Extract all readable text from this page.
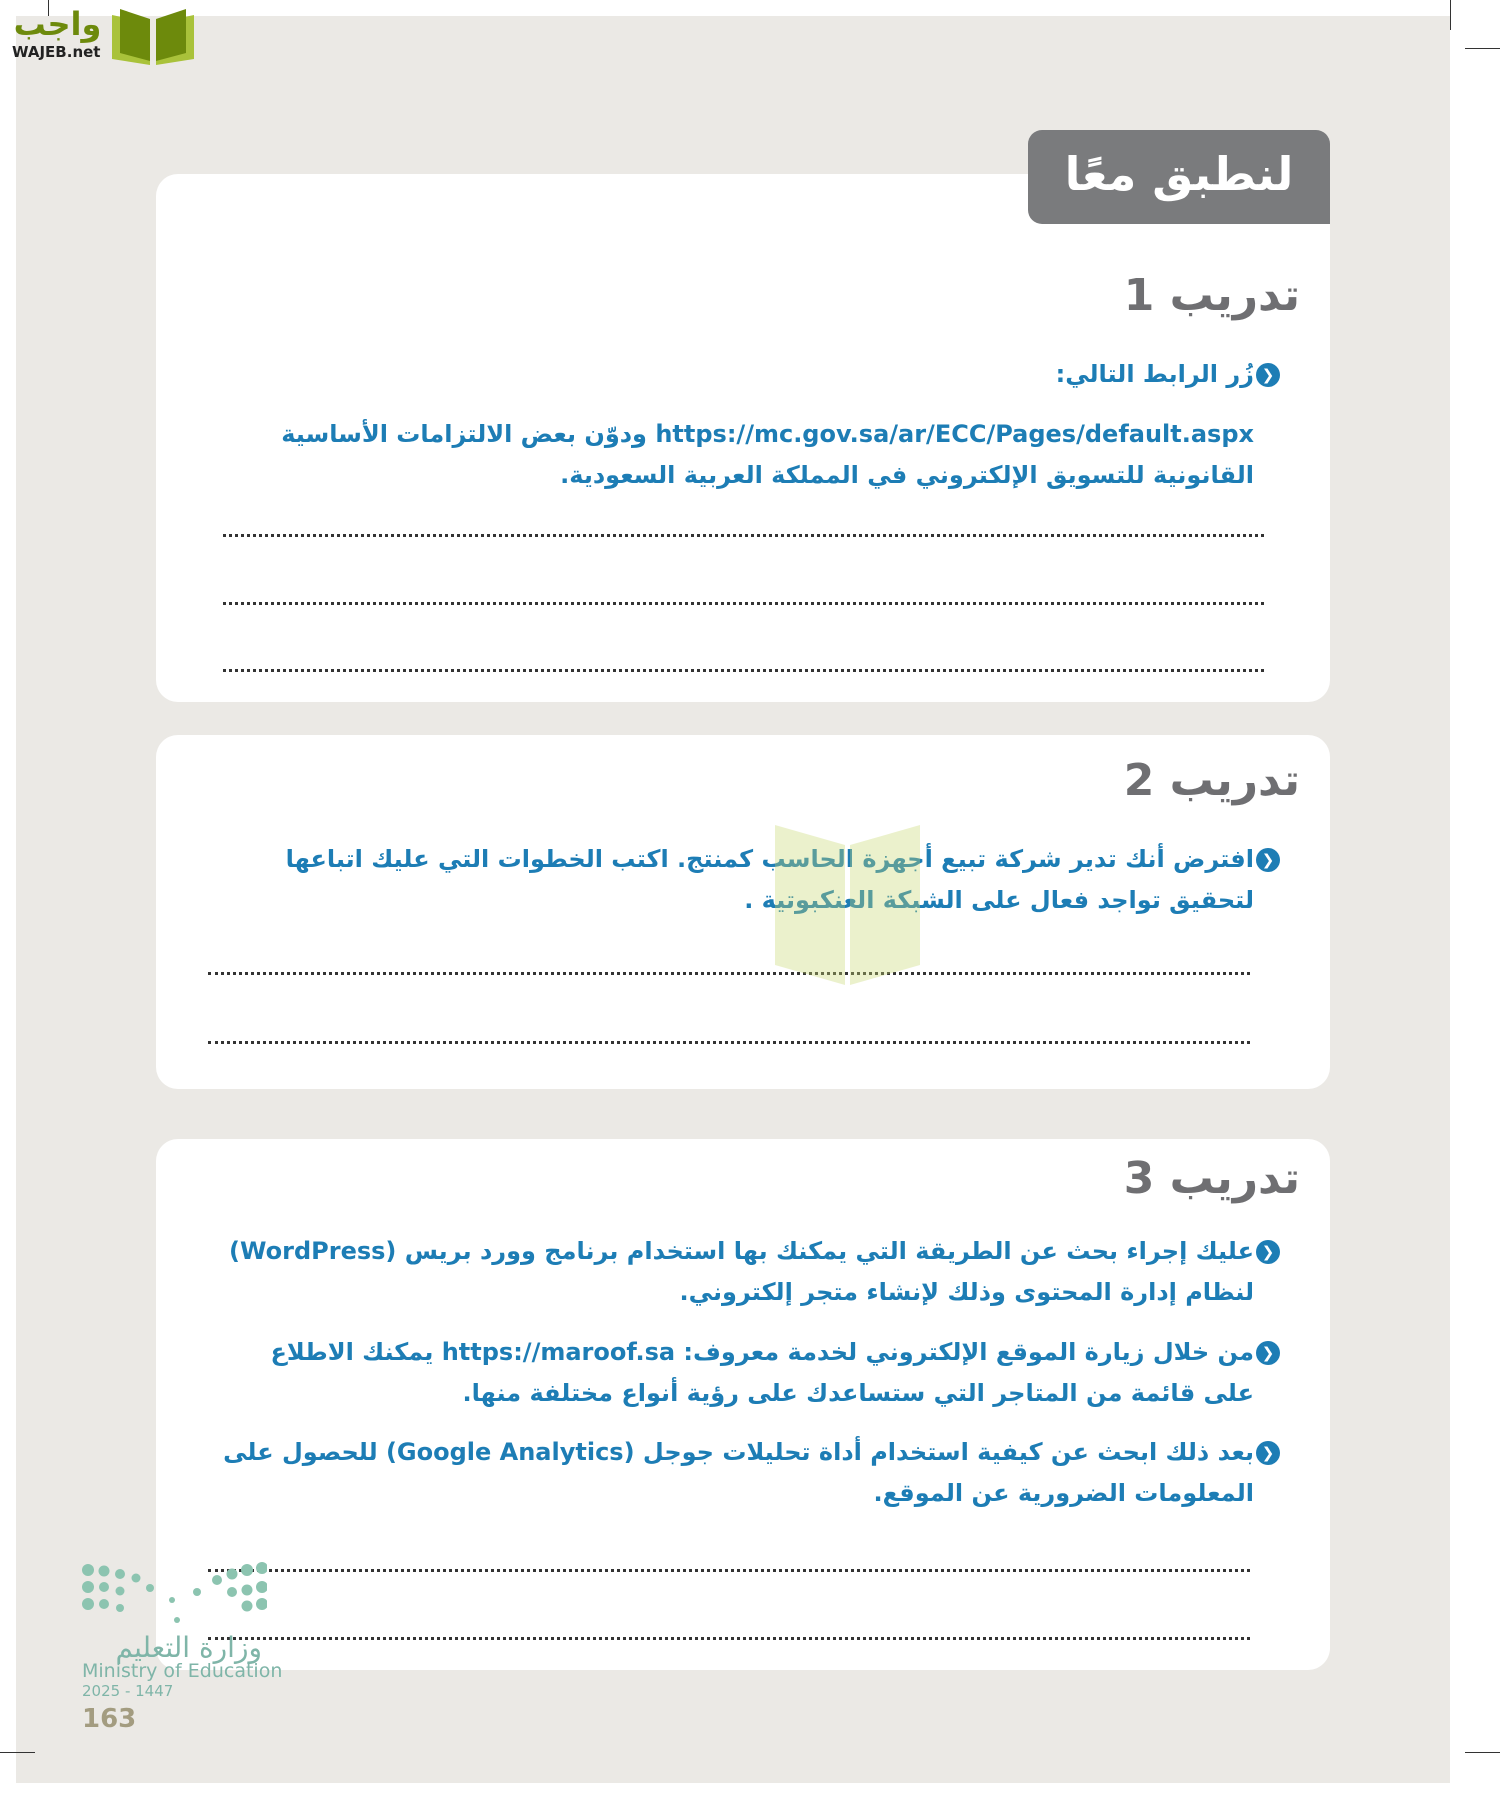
واجب
WAJEB.net
تدريب 1
❮
زُر الرابط التالي:
https://mc.gov.sa/ar/ECC/Pages/default.aspx ودوّن بعض الالتزامات الأساسية القانونية للتسويق الإلكتروني في المملكة العربية السعودية.
لنطبق معًا
تدريب 2
❮
افترض أنك تدير شركة تبيع أجهزة الحاسب كمنتج. اكتب الخطوات التي عليك اتباعها لتحقيق تواجد فعال على الشبكة العنكبوتية .
تدريب 3
❮
عليك إجراء بحث عن الطريقة التي يمكنك بها استخدام برنامج وورد بريس (WordPress) لنظام إدارة المحتوى وذلك لإنشاء متجر إلكتروني.
❮
من خلال زيارة الموقع الإلكتروني لخدمة معروف: https://maroof.sa يمكنك الاطلاع على قائمة من المتاجر التي ستساعدك على رؤية أنواع مختلفة منها.
❮
بعد ذلك ابحث عن كيفية استخدام أداة تحليلات جوجل (Google Analytics) للحصول على المعلومات الضرورية عن الموقع.
وزارة التعليم
Ministry of Education
2025 - 1447
163
